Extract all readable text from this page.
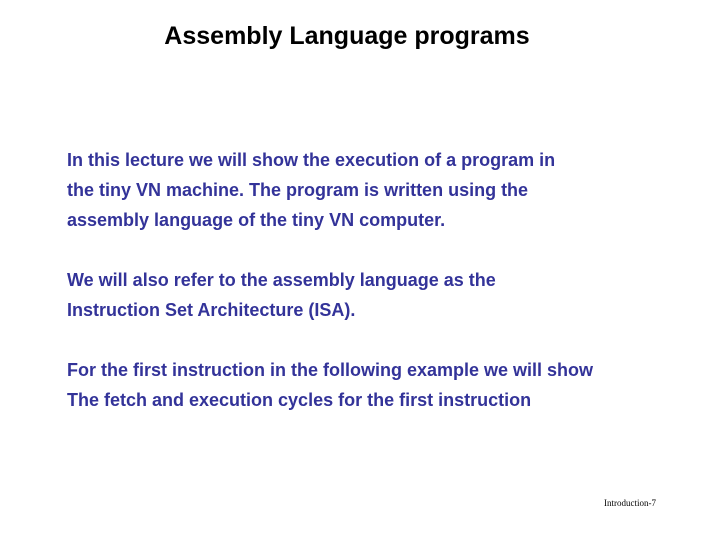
Assembly Language programs
In this lecture we will show the execution of a program in
the tiny VN machine. The program is written using the
assembly language of the tiny VN computer.
We will also refer to the assembly language as the
Instruction Set Architecture (ISA).
For the first instruction in the following example we will show
The fetch and execution cycles for the first instruction
Introduction-7
